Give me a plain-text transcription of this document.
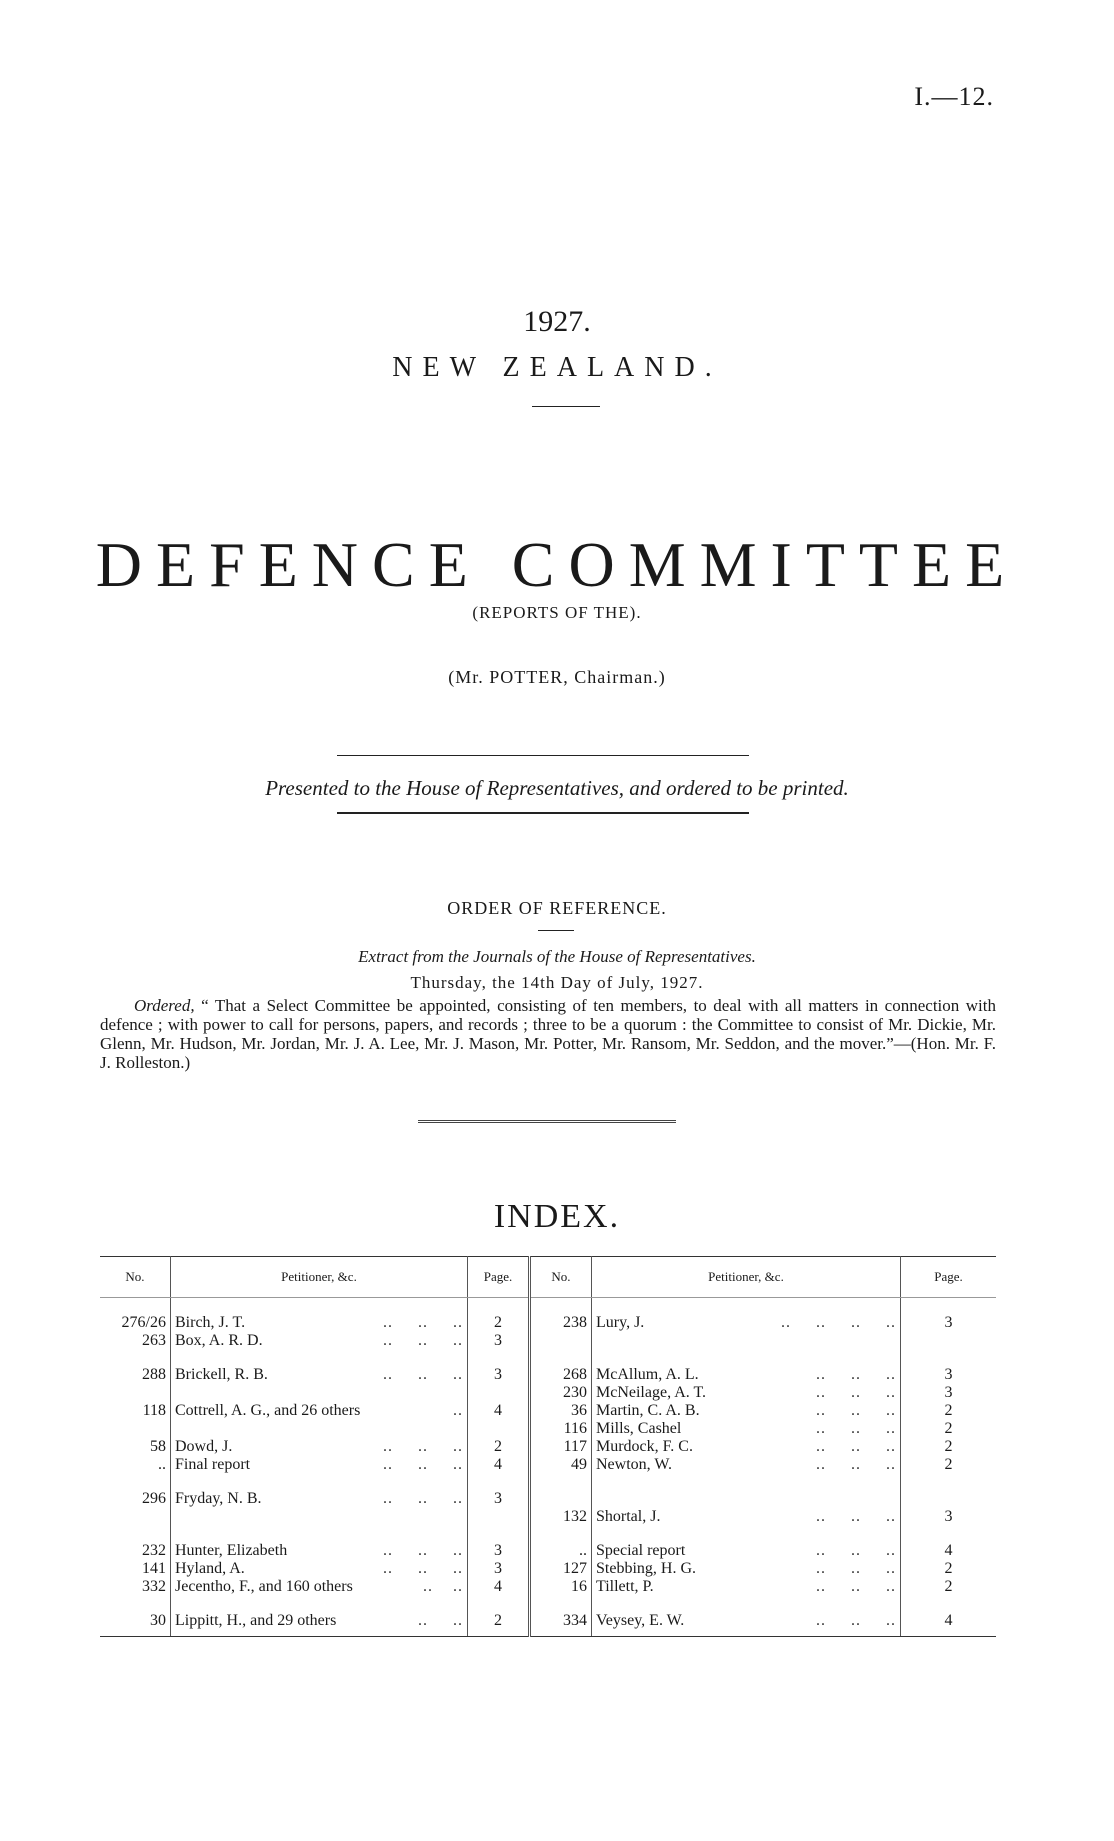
I.—12.
1927.
NEW ZEALAND.
DEFENCE COMMITTEE
(REPORTS OF THE).
(Mr. POTTER, Chairman.)
Presented to the House of Representatives, and ordered to be printed.
ORDER OF REFERENCE.
Extract from the Journals of the House of Representatives.
Thursday, the 14th Day of July, 1927.
  Ordered, “ That a Select Committee be appointed, consisting of ten members, to deal with all matters in connection with defence ; with power to call for persons, papers, and records ; three to be a quorum : the Committee to consist of Mr. Dickie, Mr. Glenn, Mr. Hudson, Mr. Jordan, Mr. J. A. Lee, Mr. J. Mason, Mr. Potter, Mr. Ransom, Mr. Seddon, and the mover.”—(Hon. Mr. F. J. Rolleston.)
INDEX.
No.	Petitioner, &c.	Page.	No.	Petitioner, &c.	Page.
276/26	Birch, J. T. ..     ..     ..	2	238	Lury, J. ..     ..     ..     ..	3
263	Box, A. R. D. ..     ..     ..	3		

288	Brickell, R. B. ..     ..     ..	3	268	McAllum, A. L. ..     ..     ..	3

		230	McNeilage, A. T. ..     ..     ..	3
118	Cottrell, A. G., and 26 others ..	4	36	Martin, C. A. B. ..     ..     ..	2

		116	Mills, Cashel ..     ..     ..	2
58	Dowd, J. ..     ..     ..	2	117	Murdock, F. C. ..     ..     ..	2
..	Final report ..     ..     ..	4	49	Newton, W. ..     ..     ..	2

296	Fryday, N. B. ..     ..     ..	3		

		132	Shortal, J. ..     ..     ..	3

232	Hunter, Elizabeth ..     ..     ..	3	..	Special report ..     ..     ..	4
141	Hyland, A. ..     ..     ..	3	127	Stebbing, H. G. ..     ..     ..	2
332	Jecentho, F., and 160 others ..    ..	4	16	Tillett, P. ..     ..     ..	2

30	Lippitt, H., and 29 others ..     ..	2	334	Veysey, E. W. ..     ..     ..	4
